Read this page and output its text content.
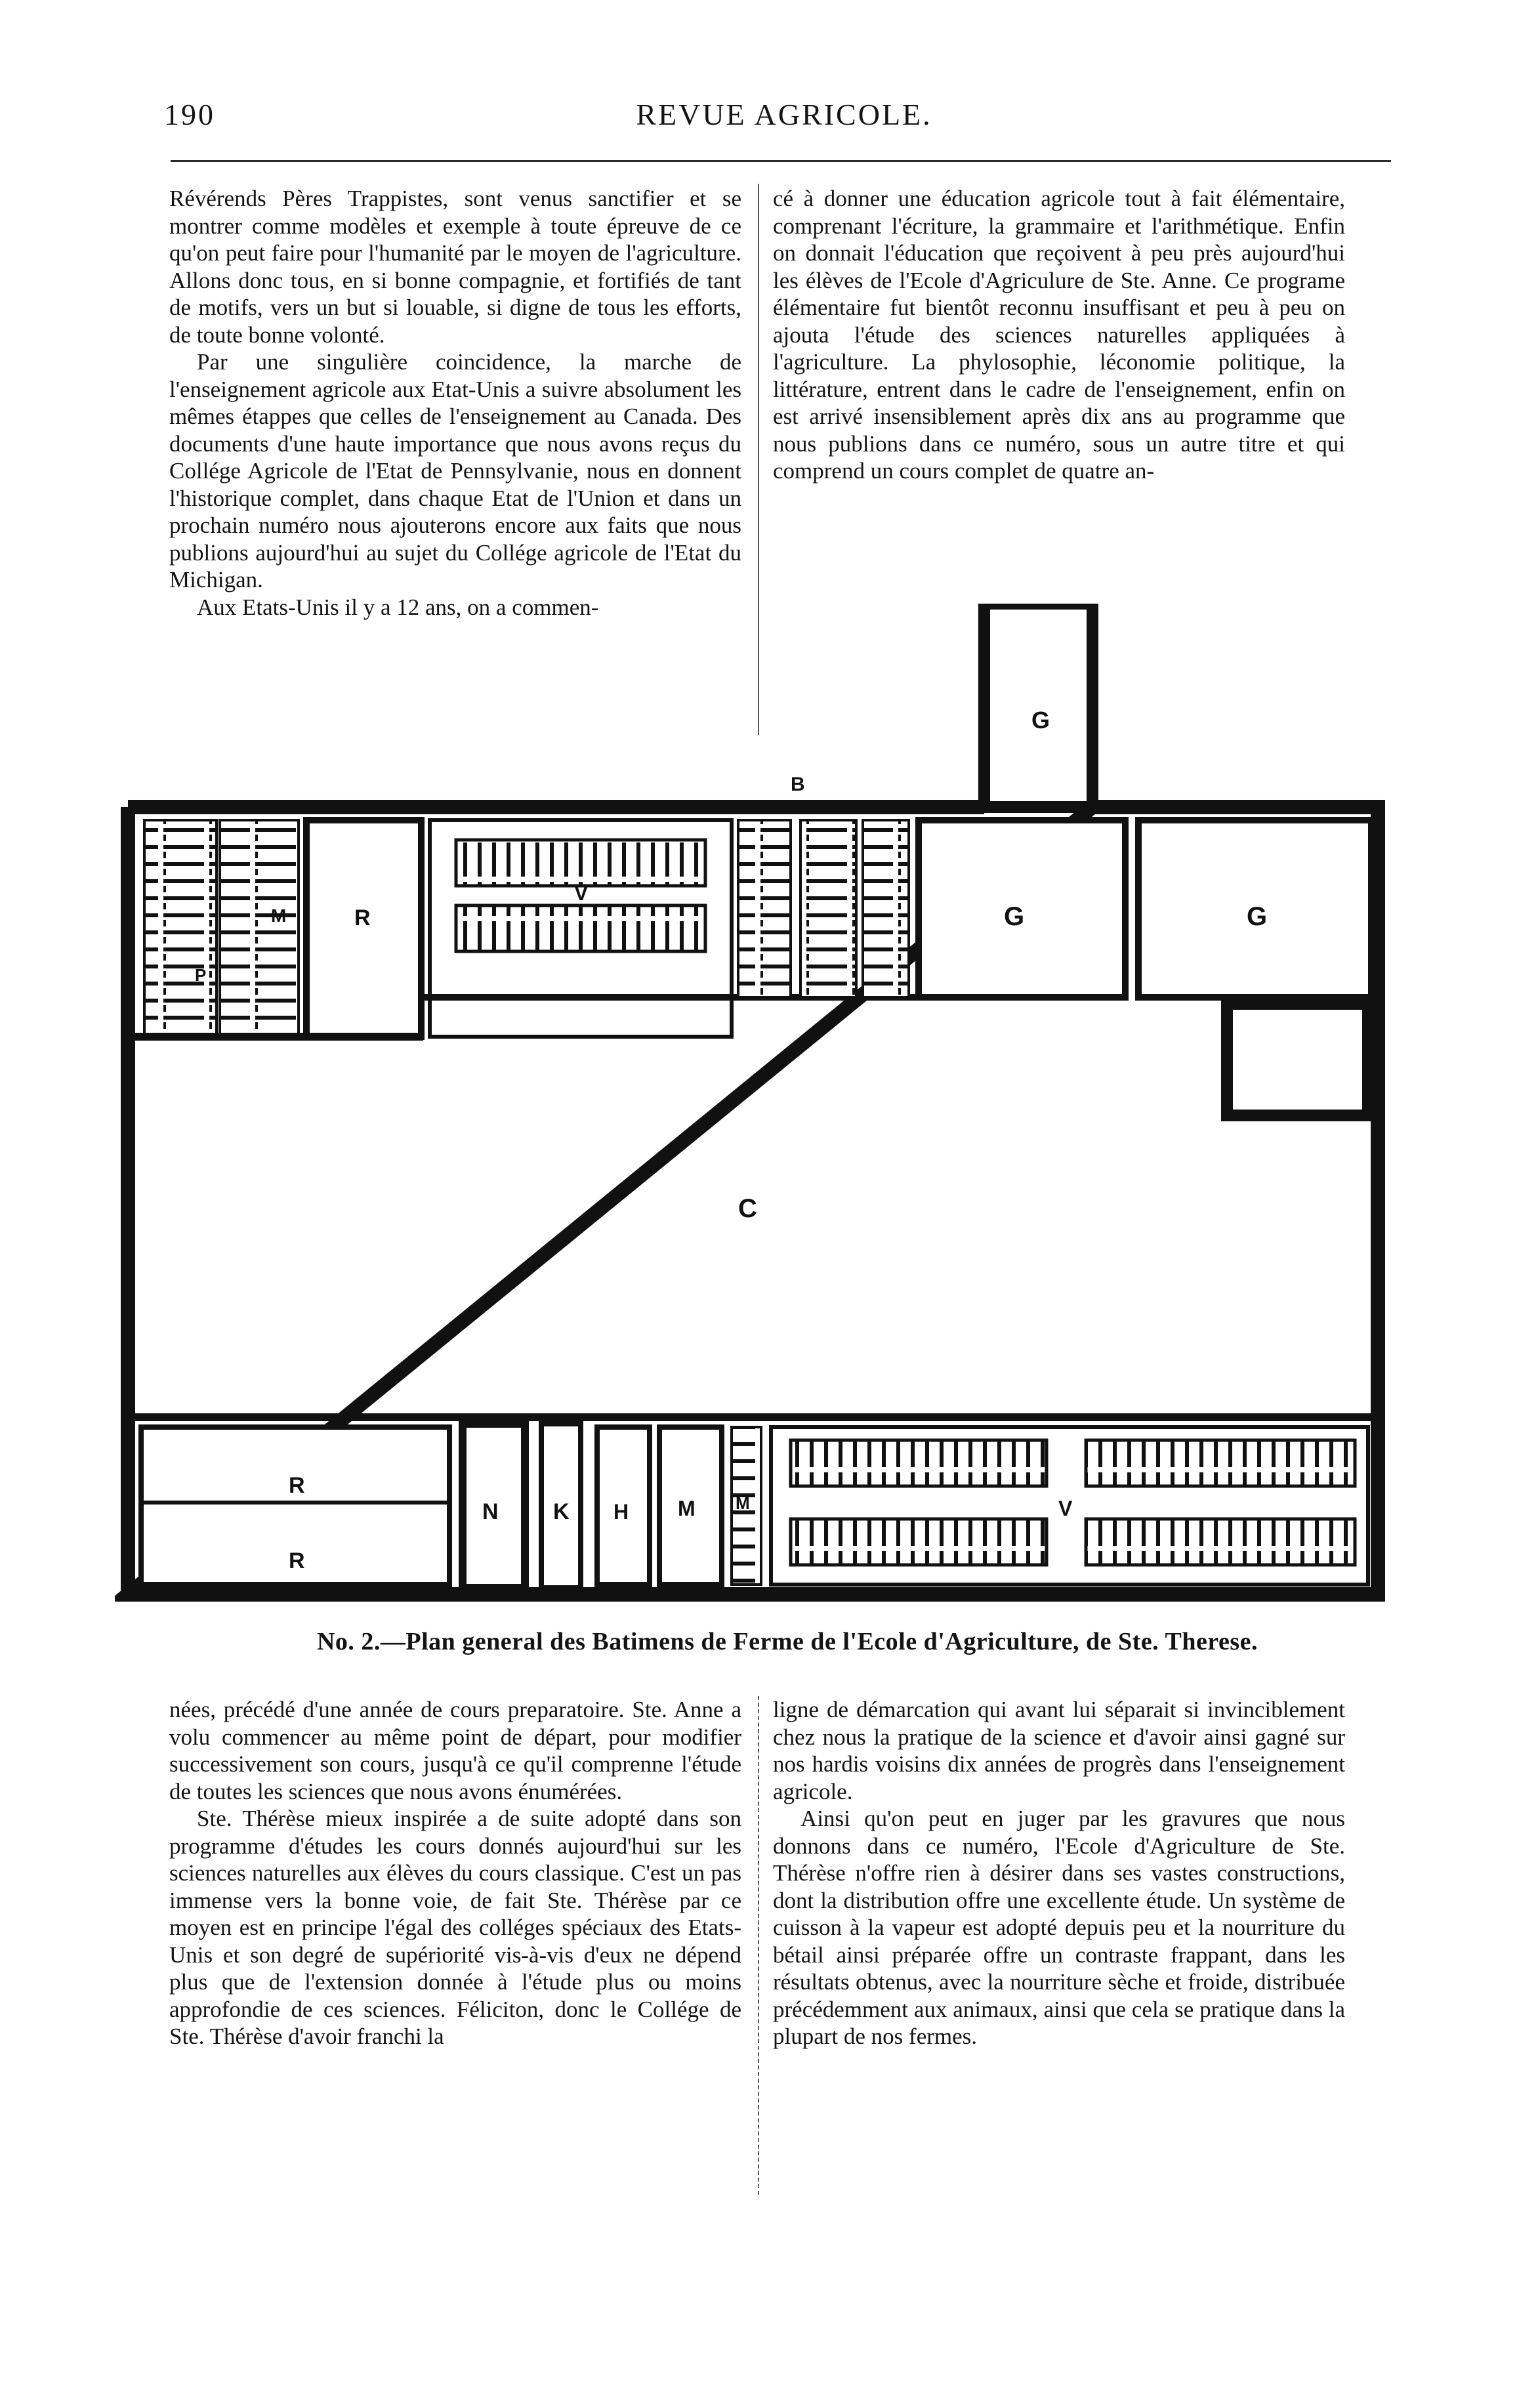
190	REVUE AGRICOLE.

Révérends Pères Trappistes, sont venus sanctifier et se montrer comme modèles et exemple à toute épreuve de ce qu'on peut faire pour l'humanité par le moyen de l'agriculture. Allons donc tous, en si bonne compagnie, et fortifiés de tant de motifs, vers un but si louable, si digne de tous les efforts, de toute bonne volonté.

Par une singulière coincidence, la marche de l'enseignement agricole aux Etat-Unis a suivre absolument les mêmes étappes que celles de l'enseignement au Canada. Des documents d'une haute importance que nous avons reçus du Collége Agricole de l'Etat de Pennsylvanie, nous en donnent l'historique complet, dans chaque Etat de l'Union et dans un prochain numéro nous ajouterons encore aux faits que nous publions aujourd'hui au sujet du Collége agricole de l'Etat du Michigan.

Aux Etats-Unis il y a 12 ans, on a commen-

cé à donner une éducation agricole tout à fait élémentaire, comprenant l'écriture, la grammaire et l'arithmétique. Enfin on donnait l'éducation que reçoivent à peu près aujourd'hui les élèves de l'Ecole d'Agriculure de Ste. Anne. Ce programe élémentaire fut bientôt reconnu insuffisant et peu à peu on ajouta l'étude des sciences naturelles appliquées à l'agriculture. La phylosophie, léconomie politique, la littérature, entrent dans le cadre de l'enseignement, enfin on est arrivé insensiblement après dix ans au programme que nous publions dans ce numéro, sous un autre titre et qui comprend un cours complet de quatre an-

G
B
G	G
R
M
P
V
C
R
R
N K H M M	V
No. 2.—Plan general des Batimens de Ferme de l'Ecole d'Agriculture, de Ste. Therese.

nées, précédé d'une année de cours preparatoire. Ste. Anne a volu commencer au même point de départ, pour modifier successivement son cours, jusqu'à ce qu'il comprenne l'étude de toutes les sciences que nous avons énumérées.

Ste. Thérèse mieux inspirée a de suite adopté dans son programme d'études les cours donnés aujourd'hui sur les sciences naturelles aux élèves du cours classique. C'est un pas immense vers la bonne voie, de fait Ste. Thérèse par ce moyen est en principe l'égal des colléges spéciaux des Etats-Unis et son degré de supériorité vis-à-vis d'eux ne dépend plus que de l'extension donnée à l'étude plus ou moins approfondie de ces sciences. Féliciton, donc le Collége de Ste. Thérèse d'avoir franchi la

ligne de démarcation qui avant lui séparait si invinciblement chez nous la pratique de la science et d'avoir ainsi gagné sur nos hardis voisins dix années de progrès dans l'enseignement agricole.

Ainsi qu'on peut en juger par les gravures que nous donnons dans ce numéro, l'Ecole d'Agriculture de Ste. Thérèse n'offre rien à désirer dans ses vastes constructions, dont la distribution offre une excellente étude. Un système de cuisson à la vapeur est adopté depuis peu et la nourriture du bétail ainsi préparée offre un contraste frappant, dans les résultats obtenus, avec la nourriture sèche et froide, distribuée précédemment aux animaux, ainsi que cela se pratique dans la plupart de nos fermes.
